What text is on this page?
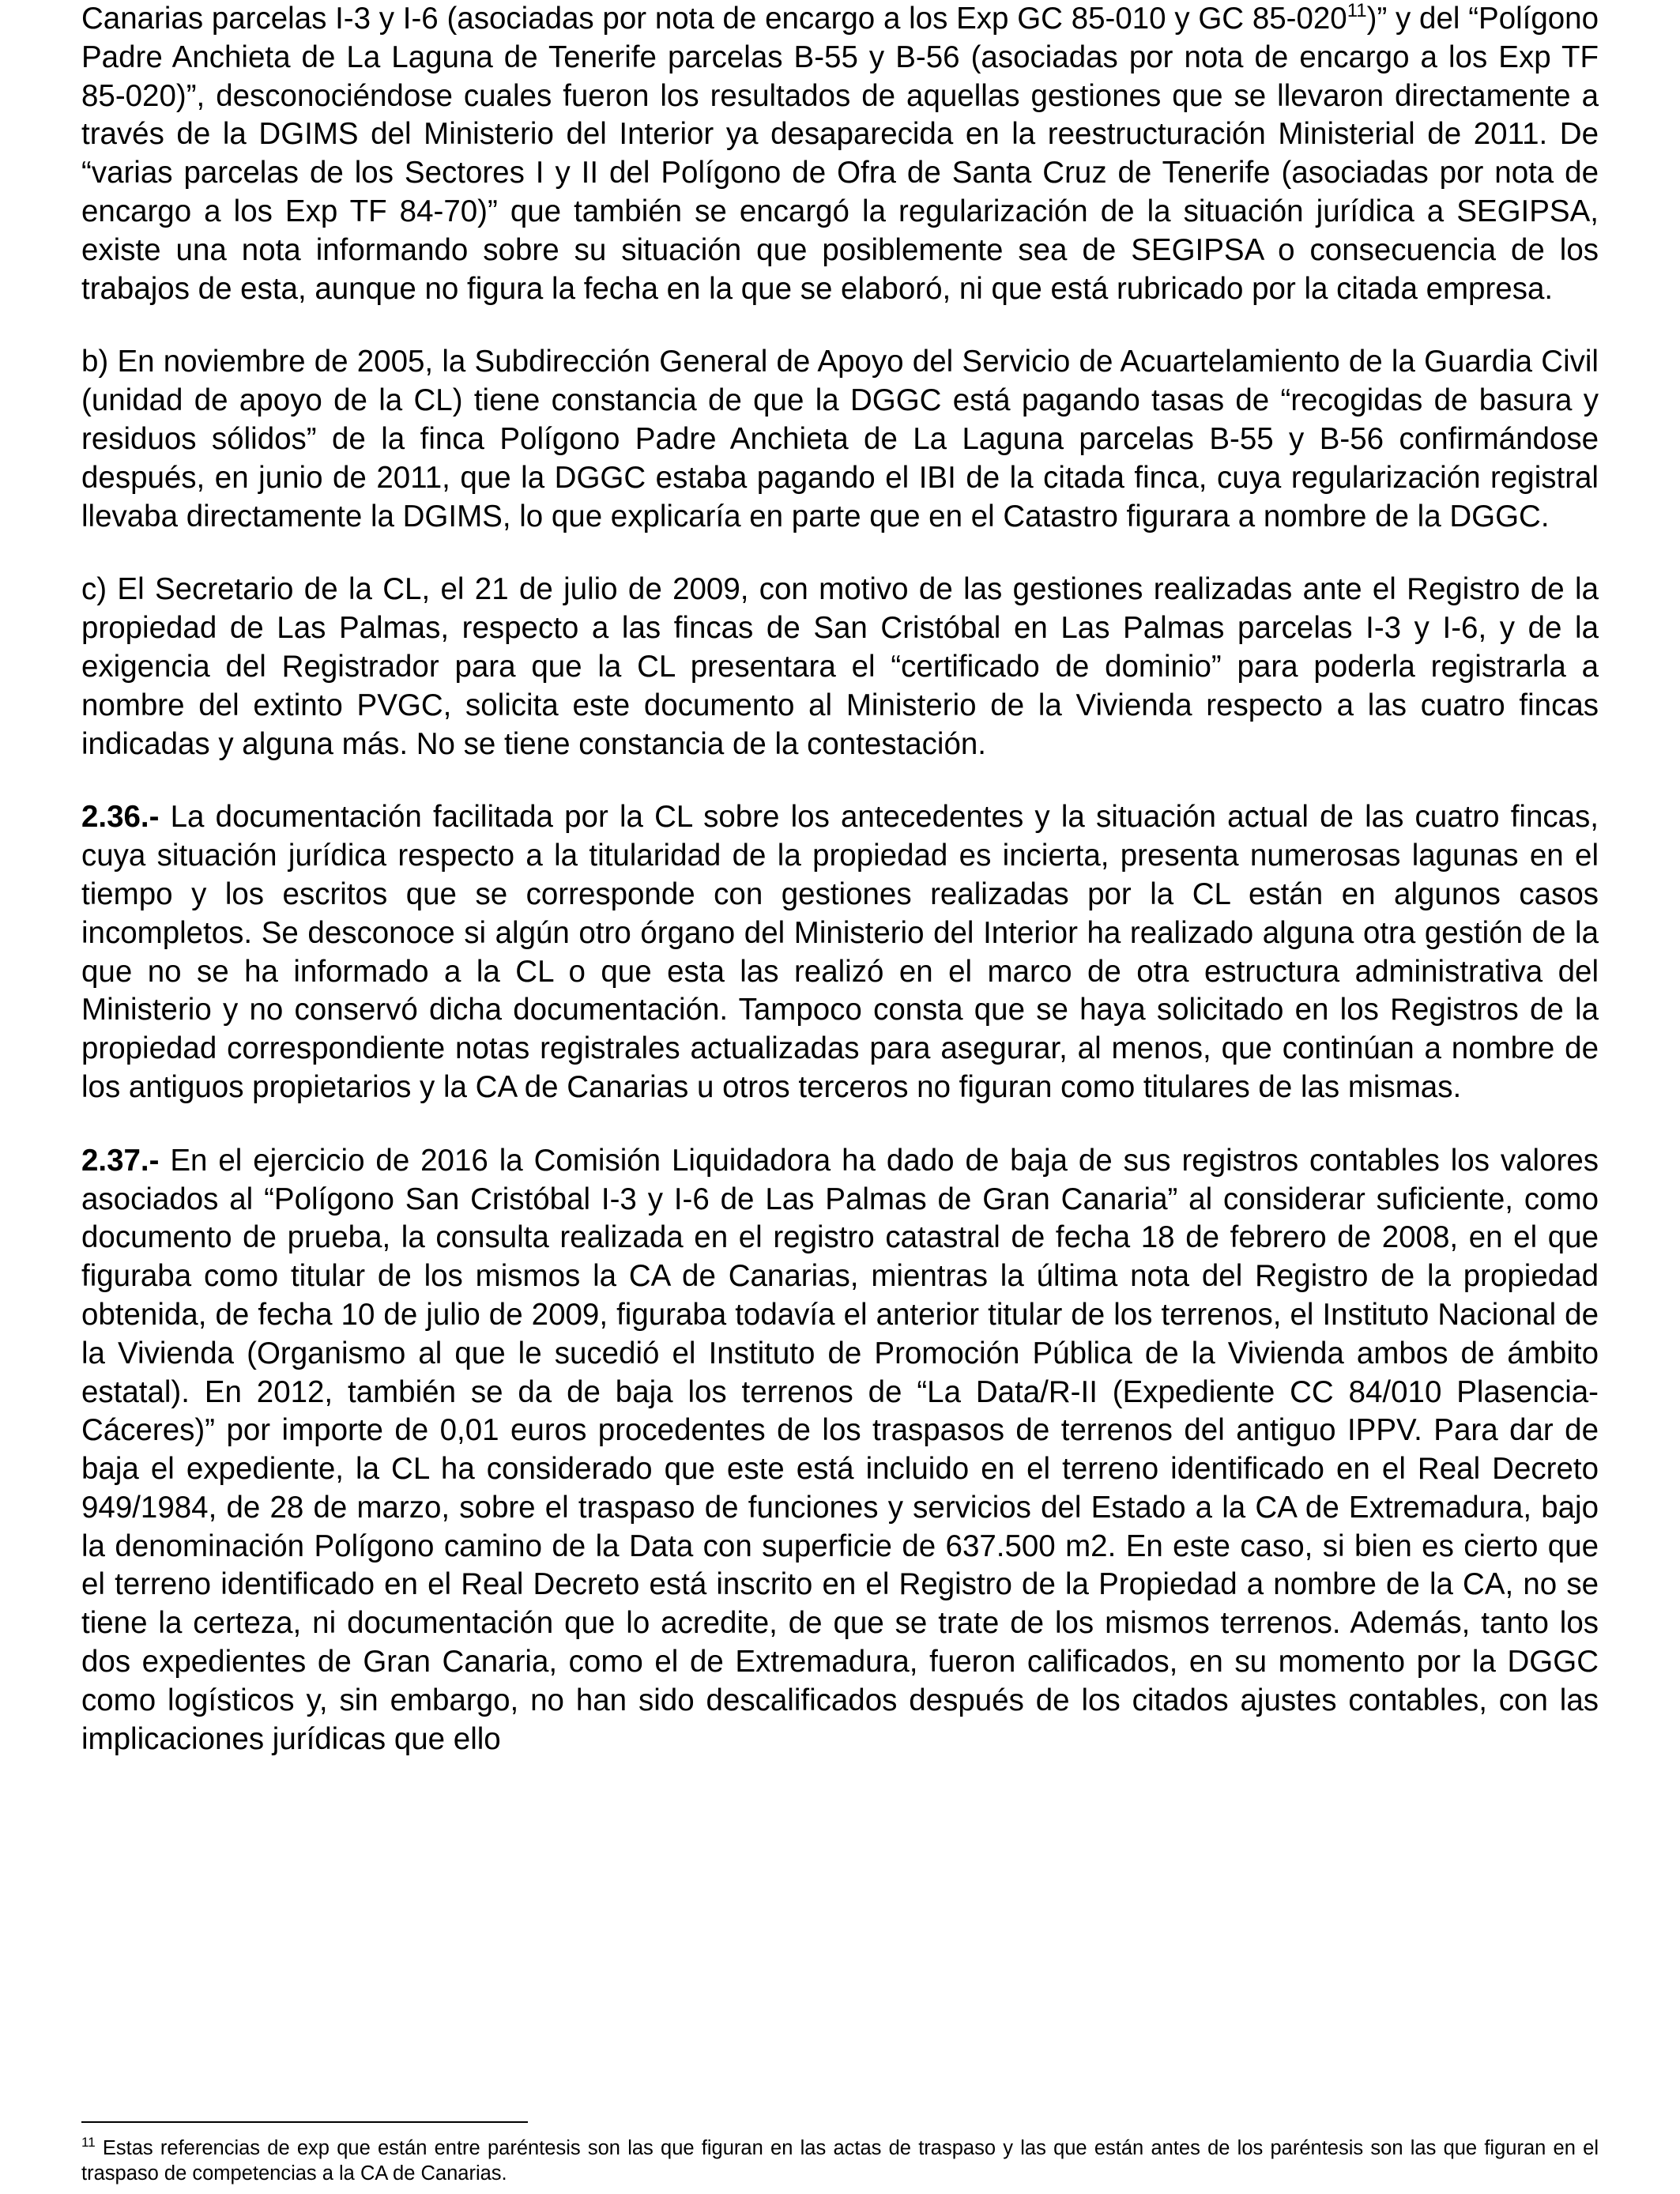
Canarias parcelas I-3 y I-6 (asociadas por nota de encargo a los Exp GC 85-010 y GC $85-020^{11}$)” y del “Polígono Padre Anchieta de La Laguna de Tenerife parcelas B-55 y B-56 (asociadas por nota de encargo a los Exp TF 85-020)”, desconociéndose cuales fueron los resultados de aquellas gestiones que se llevaron directamente a través de la DGIMS del Ministerio del Interior ya desaparecida en la reestructuración Ministerial de 2011. De “varias parcelas de los Sectores I y II del Polígono de Ofra de Santa Cruz de Tenerife (asociadas por nota de encargo a los Exp TF 84-70)” que también se encargó la regularización de la situación jurídica a SEGIPSA, existe una nota informando sobre su situación que posiblemente sea de SEGIPSA o consecuencia de los trabajos de esta, aunque no figura la fecha en la que se elaboró, ni que está rubricado por la citada empresa.

b) En noviembre de 2005, la Subdirección General de Apoyo del Servicio de Acuartelamiento de la Guardia Civil (unidad de apoyo de la CL) tiene constancia de que la DGGC está pagando tasas de “recogidas de basura y residuos sólidos” de la finca Polígono Padre Anchieta de La Laguna parcelas B-55 y B-56 confirmándose después, en junio de 2011, que la DGGC estaba pagando el IBI de la citada finca, cuya regularización registral llevaba directamente la DGIMS, lo que explicaría en parte que en el Catastro figurara a nombre de la DGGC.

c) El Secretario de la CL, el 21 de julio de 2009, con motivo de las gestiones realizadas ante el Registro de la propiedad de Las Palmas, respecto a las fincas de San Cristóbal en Las Palmas parcelas I-3 y I-6, y de la exigencia del Registrador para que la CL presentara el “certificado de dominio” para poderla registrarla a nombre del extinto PVGC, solicita este documento al Ministerio de la Vivienda respecto a las cuatro fincas indicadas y alguna más. No se tiene constancia de la contestación.

2.36.- La documentación facilitada por la CL sobre los antecedentes y la situación actual de las cuatro fincas, cuya situación jurídica respecto a la titularidad de la propiedad es incierta, presenta numerosas lagunas en el tiempo y los escritos que se corresponde con gestiones realizadas por la CL están en algunos casos incompletos. Se desconoce si algún otro órgano del Ministerio del Interior ha realizado alguna otra gestión de la que no se ha informado a la CL o que esta las realizó en el marco de otra estructura administrativa del Ministerio y no conservó dicha documentación. Tampoco consta que se haya solicitado en los Registros de la propiedad correspondiente notas registrales actualizadas para asegurar, al menos, que continúan a nombre de los antiguos propietarios y la CA de Canarias u otros terceros no figuran como titulares de las mismas.

2.37.- En el ejercicio de 2016 la Comisión Liquidadora ha dado de baja de sus registros contables los valores asociados al “Polígono San Cristóbal I-3 y I-6 de Las Palmas de Gran Canaria” al considerar suficiente, como documento de prueba, la consulta realizada en el registro catastral de fecha 18 de febrero de 2008, en el que figuraba como titular de los mismos la CA de Canarias, mientras la última nota del Registro de la propiedad obtenida, de fecha 10 de julio de 2009, figuraba todavía el anterior titular de los terrenos, el Instituto Nacional de la Vivienda (Organismo al que le sucedió el Instituto de Promoción Pública de la Vivienda ambos de ámbito estatal). En 2012, también se da de baja los terrenos de “La Data/R-II (Expediente CC 84/010 Plasencia-Cáceres)” por importe de 0,01 euros procedentes de los traspasos de terrenos del antiguo IPPV. Para dar de baja el expediente, la CL ha considerado que este está incluido en el terreno identificado en el Real Decreto 949/1984, de 28 de marzo, sobre el traspaso de funciones y servicios del Estado a la CA de Extremadura, bajo la denominación Polígono camino de la Data con superficie de 637.500 m2. En este caso, si bien es cierto que el terreno identificado en el Real Decreto está inscrito en el Registro de la Propiedad a nombre de la CA, no se tiene la certeza, ni documentación que lo acredite, de que se trate de los mismos terrenos. Además, tanto los dos expedientes de Gran Canaria, como el de Extremadura, fueron calificados, en su momento por la DGGC como logísticos y, sin embargo, no han sido descalificados después de los citados ajustes contables, con las implicaciones jurídicas que ello

$^{11}$ Estas referencias de exp que están entre paréntesis son las que figuran en las actas de traspaso y las que están antes de los paréntesis son las que figuran en el traspaso de competencias a la CA de Canarias.
